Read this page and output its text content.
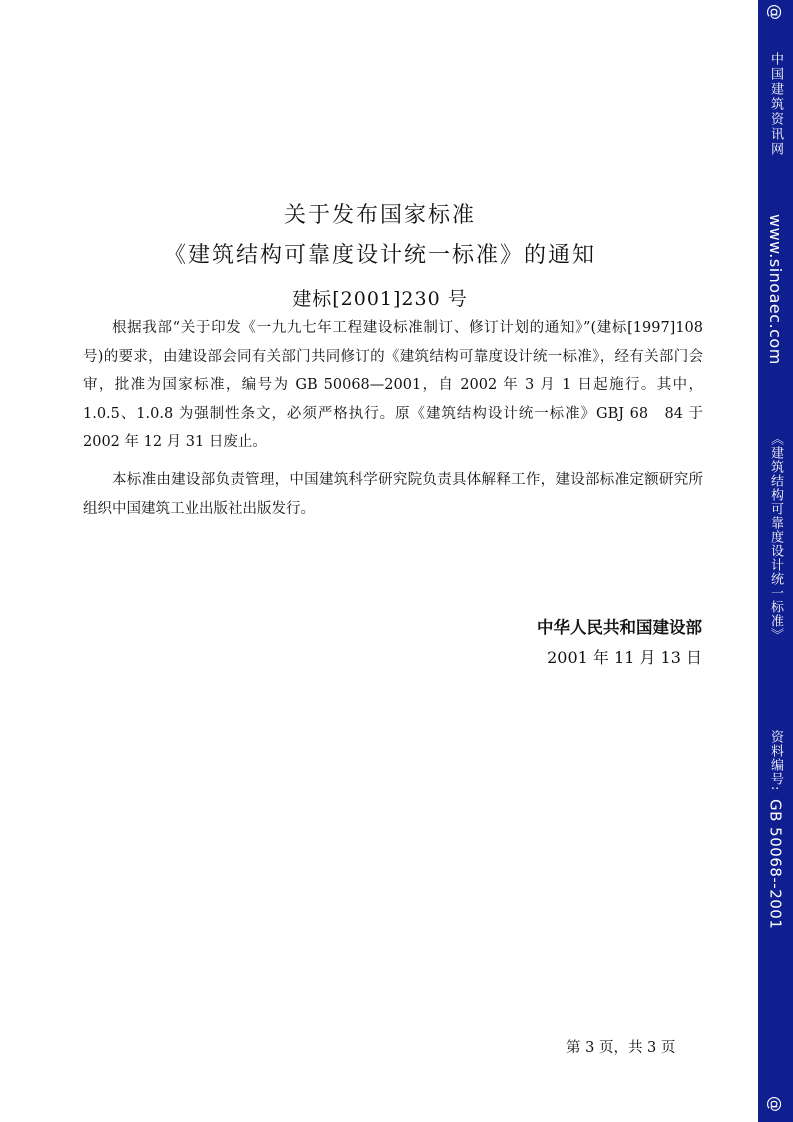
关于发布国家标准
《建筑结构可靠度设计统一标准》的通知
建标[2001]230 号

根据我部“关于印发《一九九七年工程建设标准制订、修订计划的通知》”(建标[1997]108 号)的要求，由建设部会同有关部门共同修订的《建筑结构可靠度设计统一标准》，经有关部门会审，批准为国家标准，编号为 GB 50068—2001，自 2002 年 3 月 1 日起施行。其中，1.0.5、1.0.8 为强制性条文，必须严格执行。原《建筑结构设计统一标准》GBJ 68　84 于 2002 年 12 月 31 日废止。

本标准由建设部负责管理，中国建筑科学研究院负责具体解释工作，建设部标准定额研究所组织中国建筑工业出版社出版发行。

中华人民共和国建设部

2001 年 11 月 13 日

第 3 页，共 3 页

@
中国建筑资讯网
www.sinoaec.com
《建筑结构可靠度设计统一标准》
资料编号:
GB 50068--2001
@
